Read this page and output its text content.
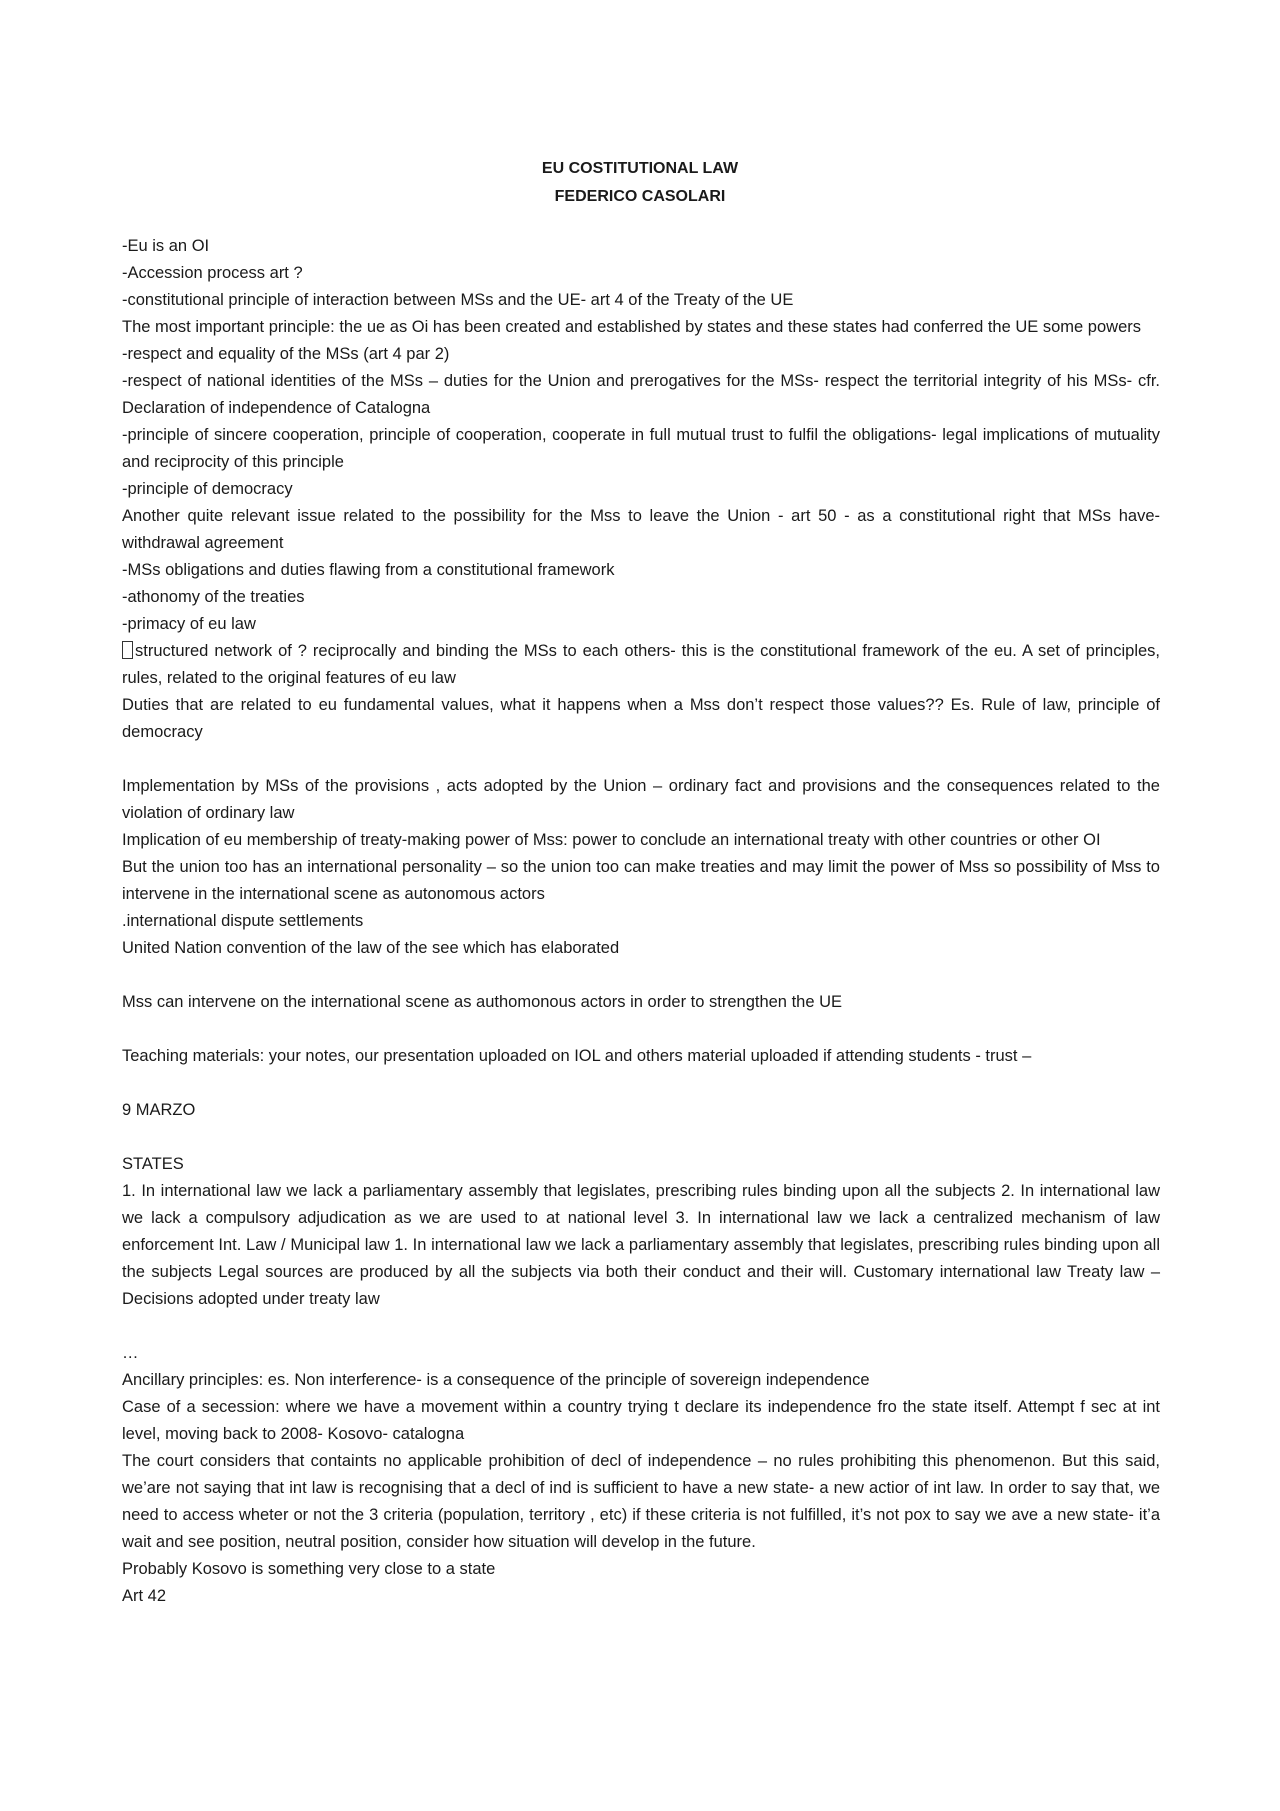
EU COSTITUTIONAL LAW
FEDERICO CASOLARI

-Eu is an OI

-Accession process art ?

-constitutional principle of interaction between MSs and the UE- art 4 of the Treaty of the UE

The most important principle: the ue as Oi has been created and established by states and these states had conferred the UE some powers

-respect and equality of the MSs (art 4 par 2)

-respect of national identities of the MSs – duties for the Union and prerogatives for the MSs- respect the territorial integrity of his MSs- cfr. Declaration of independence of Catalogna

-principle of sincere cooperation, principle of cooperation, cooperate in full mutual trust to fulfil the obligations- legal implications of mutuality and reciprocity of this principle

-principle of democracy

Another quite relevant issue related to the possibility for the Mss to leave the Union - art 50 - as a constitutional right that MSs have- withdrawal agreement

-MSs obligations and duties flawing from a constitutional framework

-athonomy of the treaties

-primacy of eu law

structured network of ? reciprocally and binding the MSs to each others- this is the constitutional framework of the eu. A set of principles, rules, related to the original features of eu law

Duties that are related to eu fundamental values, what it happens when a Mss don’t respect those values?? Es. Rule of law, principle of democracy

Implementation by MSs of the provisions , acts adopted by the Union – ordinary fact and provisions and the consequences related to the violation of ordinary law

Implication of eu membership of treaty-making power of Mss: power to conclude an international treaty with other countries or other OI

But the union too has an international personality – so the union too can make treaties and may limit the power of Mss so possibility of Mss to intervene in the international scene as autonomous actors

.international dispute settlements

United Nation convention of the law of the see which has elaborated

Mss can intervene on the international scene as authomonous actors in order to strengthen the UE

Teaching materials: your notes, our presentation uploaded on IOL and others material uploaded if attending students - trust –

9 MARZO

STATES

1. In international law we lack a parliamentary assembly that legislates, prescribing rules binding upon all the subjects 2. In international law we lack a compulsory adjudication as we are used to at national level 3. In international law we lack a centralized mechanism of law enforcement Int. Law / Municipal law 1. In international law we lack a parliamentary assembly that legislates, prescribing rules binding upon all the subjects Legal sources are produced by all the subjects via both their conduct and their will. Customary international law Treaty law – Decisions adopted under treaty law

…

Ancillary principles: es. Non interference- is a consequence of the principle of sovereign independence

Case of a secession: where we have a movement within a country trying t declare its independence fro the state itself. Attempt f sec at int level, moving back to 2008- Kosovo- catalogna

The court considers that containts no applicable prohibition of decl of independence – no rules prohibiting this phenomenon. But this said, we’are not saying that int law is recognising that a decl of ind is sufficient to have a new state- a new actior of int law. In order to say that, we need to access wheter or not the 3 criteria (population, territory , etc) if these criteria is not fulfilled, it’s not pox to say we ave a new state- it’a wait and see position, neutral position, consider how situation will develop in the future.

Probably Kosovo is something very close to a state

Art 42
